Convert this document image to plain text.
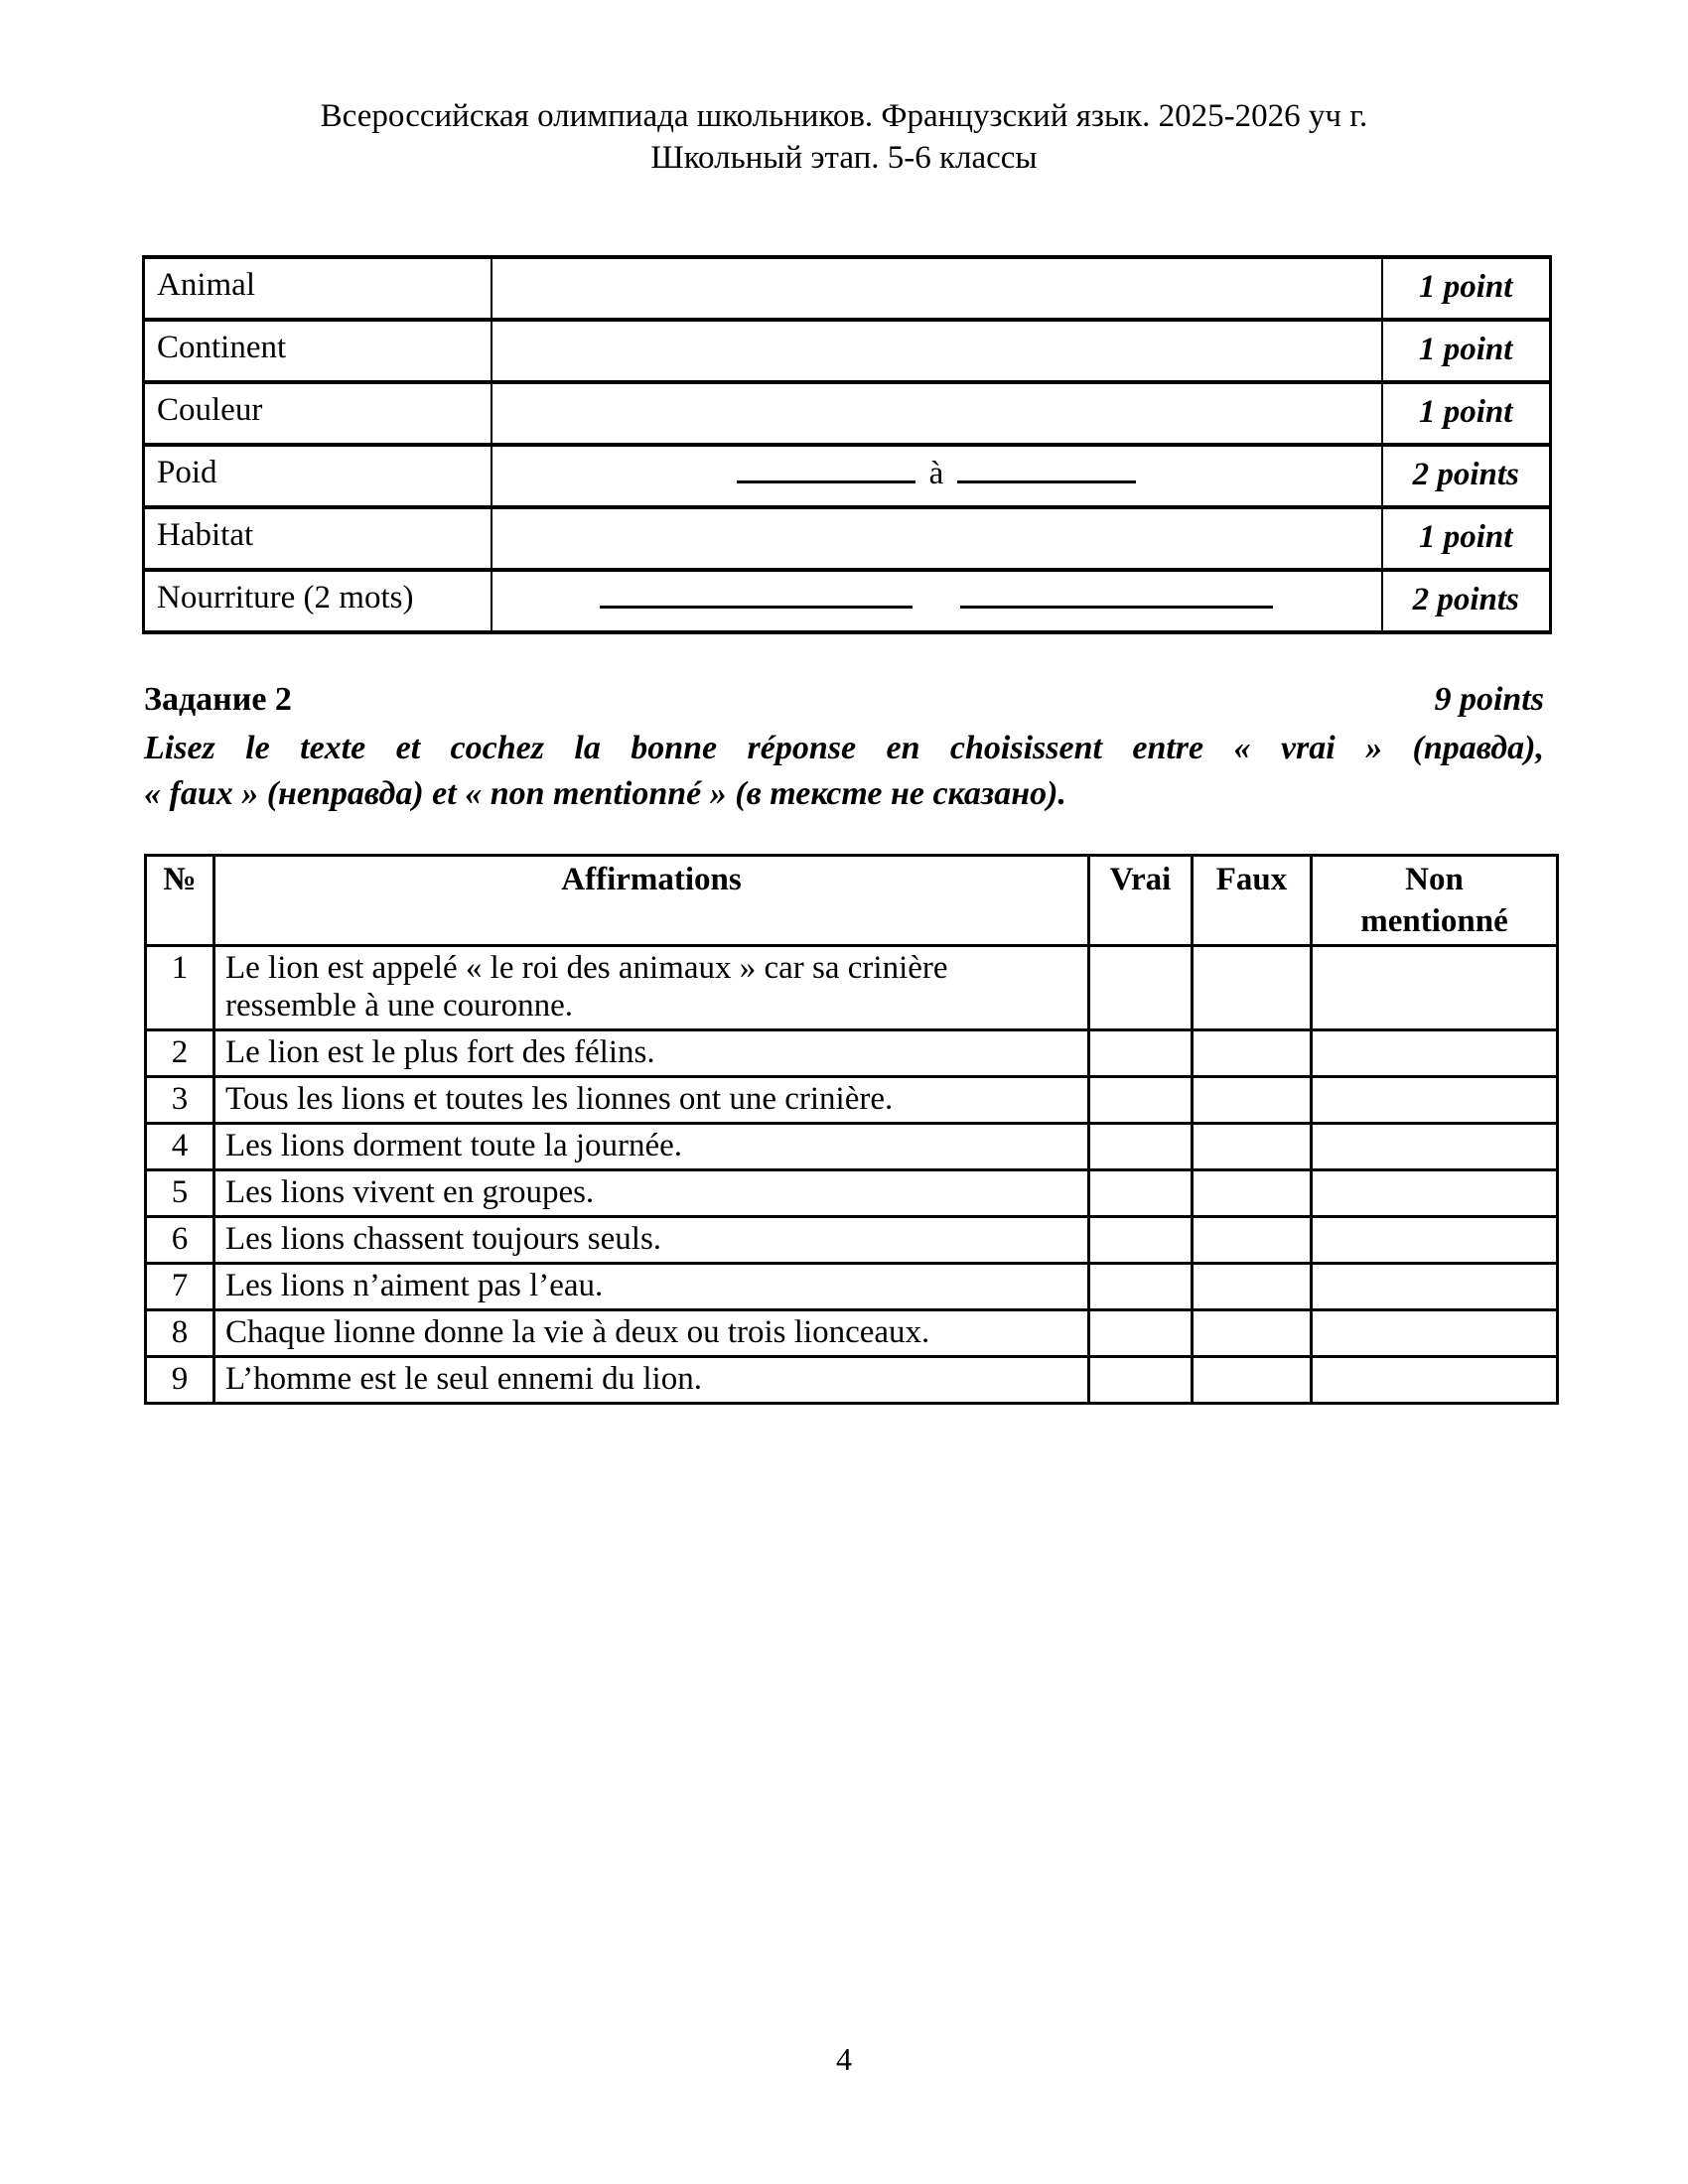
Всероссийская олимпиада школьников. Французский язык. 2025-2026 уч г.
Школьный этап. 5-6 классы
Animal		1 point
Continent		1 point
Couleur		1 point
Poid	à	2 points
Habitat		1 point
Nourriture (2 mots)		2 points
Задание 2	9 points
Lisez le texte et cochez la bonne réponse en choisissent entre « vrai » (правда),
« faux » (неправда) et « non mentionné » (в тексте не сказано).
№	Affirmations	Vrai	Faux	Non mentionné
1	Le lion est appelé « le roi des animaux » car sa crinière ressemble à une couronne.			
2	Le lion est le plus fort des félins.			
3	Tous les lions et toutes les lionnes ont une crinière.			
4	Les lions dorment toute la journée.			
5	Les lions vivent en groupes.			
6	Les lions chassent toujours seuls.			
7	Les lions n’aiment pas l’eau.			
8	Chaque lionne donne la vie à deux ou trois lionceaux.			
9	L’homme est le seul ennemi du lion.			
4
